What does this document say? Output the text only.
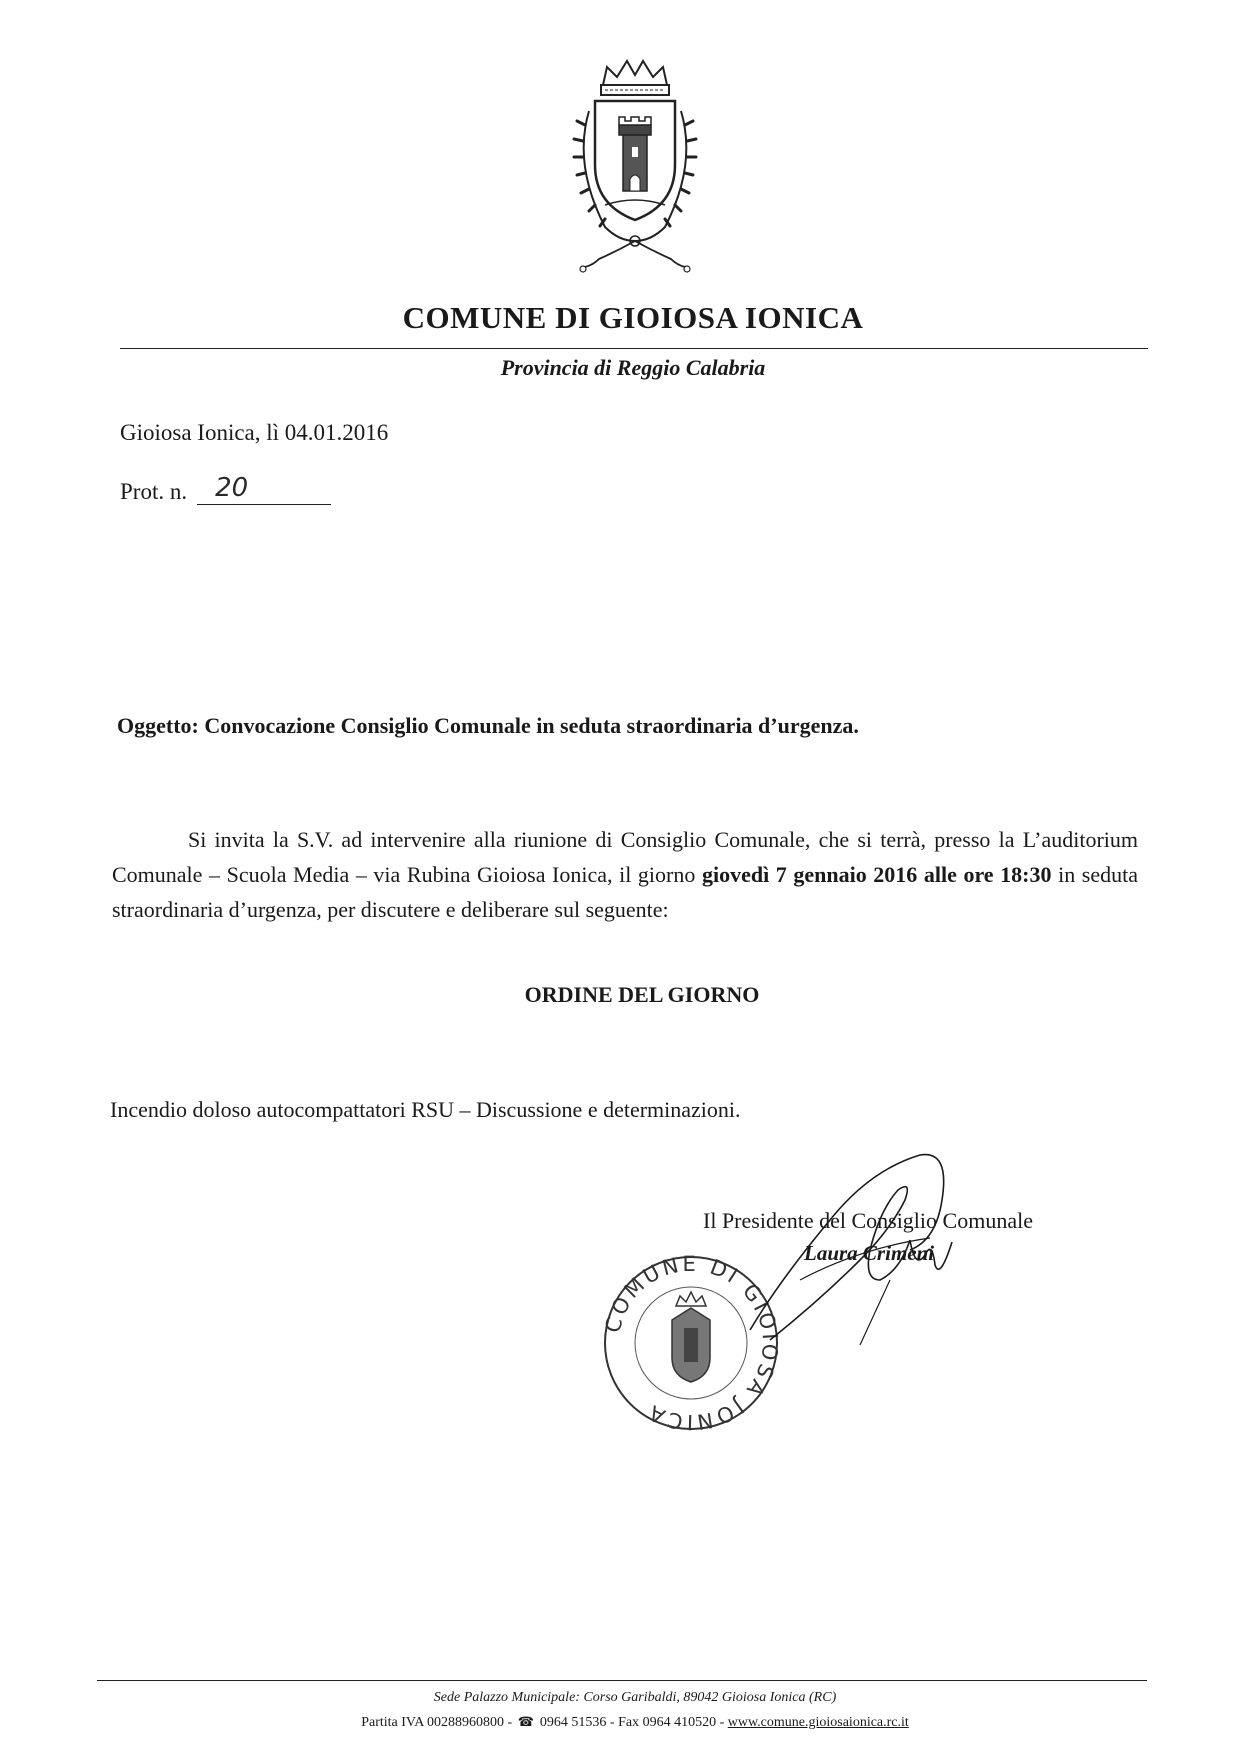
COMUNE DI GIOIOSA IONICA
Provincia di Reggio Calabria
Gioiosa Ionica, lì 04.01.2016
Prot. n. 20
Oggetto: Convocazione Consiglio Comunale in seduta straordinaria d’urgenza.
Si invita la S.V. ad intervenire alla riunione di Consiglio Comunale, che si terrà, presso la L’auditorium Comunale – Scuola Media – via Rubina Gioiosa Ionica, il giorno giovedì 7 gennaio 2016 alle ore 18:30 in seduta straordinaria d’urgenza, per discutere e deliberare sul seguente:
ORDINE DEL GIORNO
Incendio doloso autocompattatori RSU – Discussione e determinazioni.
Il Presidente del Consiglio Comunale
Laura Crimeni
COMUNE DI GIOIOSA JONICA
Sede Palazzo Municipale: Corso Garibaldi, 89042 Gioiosa Ionica (RC)
Partita IVA 00288960800 - ☎ 0964 51536 - Fax 0964 410520 - www.comune.gioiosaionica.rc.it
